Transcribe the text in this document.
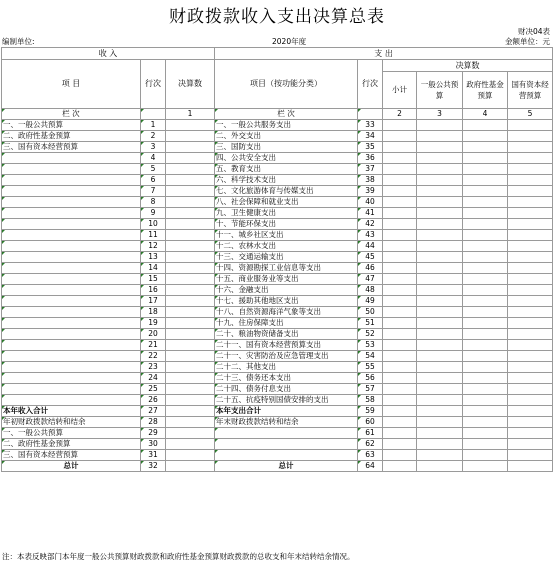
财政拨款收入支出决算总表
财决04表
编制单位:	2020年度	金额单位：元
收 入			支 出					
项 目	行次	决算数	项目（按功能分类）	行次	决算数			
					小计	一般公共预算	政府性基金预算	国有资本经营预算
栏 次		1	栏 次		2	3	4	5
一、一般公共预算	1		一、一般公共服务支出	33				
二、政府性基金预算	2		二、外交支出	34				
三、国有资本经营预算	3		三、国防支出	35				
	4		四、公共安全支出	36				
	5		五、教育支出	37				
	6		六、科学技术支出	38				
	7		七、文化旅游体育与传媒支出	39				
	8		八、社会保障和就业支出	40				
	9		九、卫生健康支出	41				
	10		十、节能环保支出	42				
	11		十一、城乡社区支出	43				
	12		十二、农林水支出	44				
	13		十三、交通运输支出	45				
	14		十四、资源勘探工业信息等支出	46				
	15		十五、商业服务业等支出	47				
	16		十六、金融支出	48				
	17		十七、援助其他地区支出	49				
	18		十八、自然资源海洋气象等支出	50				
	19		十九、住房保障支出	51				
	20		二十、粮油物资储备支出	52				
	21		二十一、国有资本经营预算支出	53				
	22		二十一、灾害防治及应急管理支出	54				
	23		二十二、其他支出	55				
	24		二十三、债务还本支出	56				
	25		二十四、债务付息支出	57				
	26		二十五、抗疫特别国债安排的支出	58				
本年收入合计	27		本年支出合计	59				
年初财政拨款结转和结余	28		年末财政拨款结转和结余	60				
一、一般公共预算	29			61				
二、政府性基金预算	30			62				
三、国有资本经营预算	31			63				
总计	32		总计	64				
注：本表反映部门本年度一般公共预算财政拨款和政府性基金预算财政拨款的总收支和年末结转结余情况。
